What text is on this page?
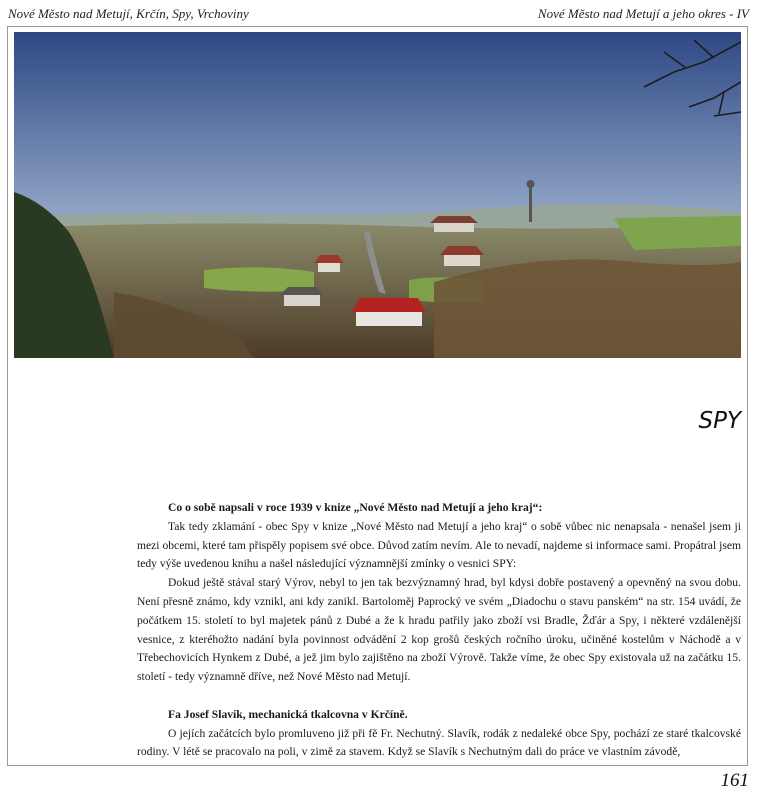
Nové Město nad Metují, Krčín, Spy, Vrchoviny	Nové Město nad Metují a jeho okres - IV
SPY

Co o sobě napsali v roce 1939 v knize „Nové Město nad Metují a jeho kraj“:

Tak tedy zklamání - obec Spy v knize „Nové Město nad Metují a jeho kraj“ o sobě vůbec nic nenapsala - nenašel jsem ji mezi obcemi, které tam přispěly popisem své obce. Důvod zatím nevím. Ale to nevadí, najdeme si informace sami. Propátral jsem tedy výše uvedenou knihu a našel následující významnější zmínky o vesnici SPY:

Dokud ještě stával starý Výrov, nebyl to jen tak bezvýznamný hrad, byl kdysi dobře postavený a opevněný na svou dobu. Není přesně známo, kdy vznikl, ani kdy zanikl. Bartoloměj Paprocký ve svém „Diadochu o stavu panském“ na str. 154 uvádí, že počátkem 15. století to byl majetek pánů z Dubé a že k hradu patřily jako zboží vsi Bradle, Žďár a Spy, i některé vzdálenější vesnice, z kteréhožto nadání byla povinnost odvádění 2 kop grošů českých ročního úroku, učiněné kostelům v Náchodě a v Třebechovicích Hynkem z Dubé, a jež jim bylo zajištěno na zboží Výrově. Takže víme, že obec Spy existovala už na začátku 15. století - tedy významně dříve, než Nové Město nad Metují.

Fa Josef Slavík, mechanická tkalcovna v Krčíně.

O jejích začátcích bylo promluveno již při fě Fr. Nechutný. Slavík, rodák z nedaleké obce Spy, pochází ze staré tkalcovské rodiny. V létě se pracovalo na poli, v zimě za stavem. Když se Slavík s Nechutným dali do práce ve vlastním závodě,

161
